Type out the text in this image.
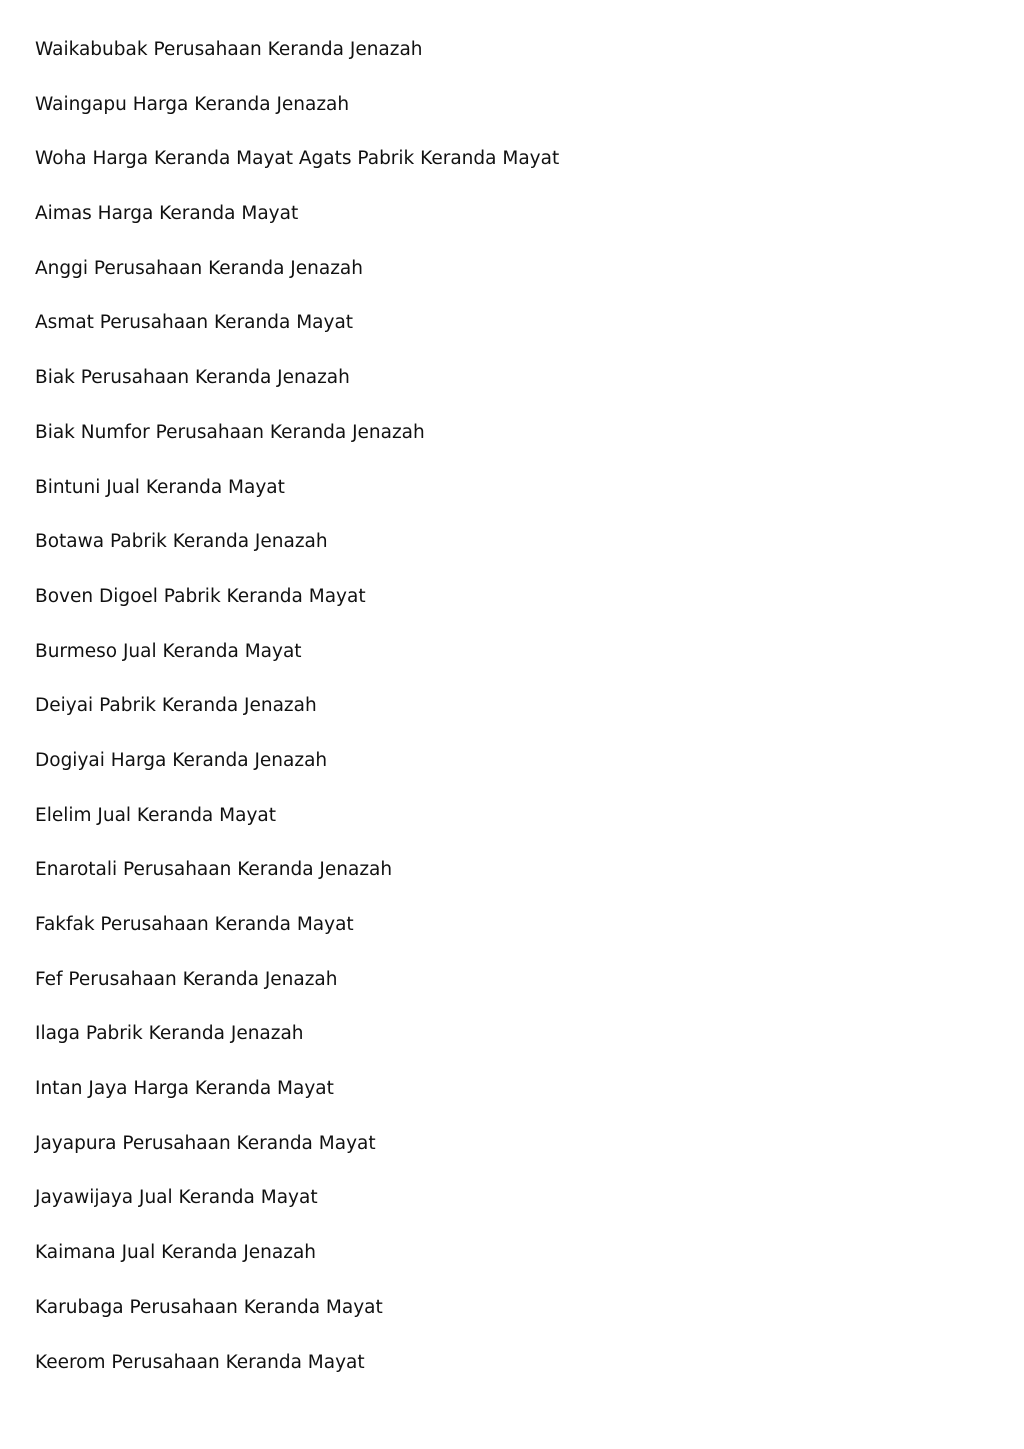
Waikabubak Perusahaan Keranda Jenazah
Waingapu Harga Keranda Jenazah
Woha Harga Keranda Mayat Agats Pabrik Keranda Mayat
Aimas Harga Keranda Mayat
Anggi Perusahaan Keranda Jenazah
Asmat Perusahaan Keranda Mayat
Biak Perusahaan Keranda Jenazah
Biak Numfor Perusahaan Keranda Jenazah
Bintuni Jual Keranda Mayat
Botawa Pabrik Keranda Jenazah
Boven Digoel Pabrik Keranda Mayat
Burmeso Jual Keranda Mayat
Deiyai Pabrik Keranda Jenazah
Dogiyai Harga Keranda Jenazah
Elelim Jual Keranda Mayat
Enarotali Perusahaan Keranda Jenazah
Fakfak Perusahaan Keranda Mayat
Fef Perusahaan Keranda Jenazah
Ilaga Pabrik Keranda Jenazah
Intan Jaya Harga Keranda Mayat
Jayapura Perusahaan Keranda Mayat
Jayawijaya Jual Keranda Mayat
Kaimana Jual Keranda Jenazah
Karubaga Perusahaan Keranda Mayat
Keerom Perusahaan Keranda Mayat
